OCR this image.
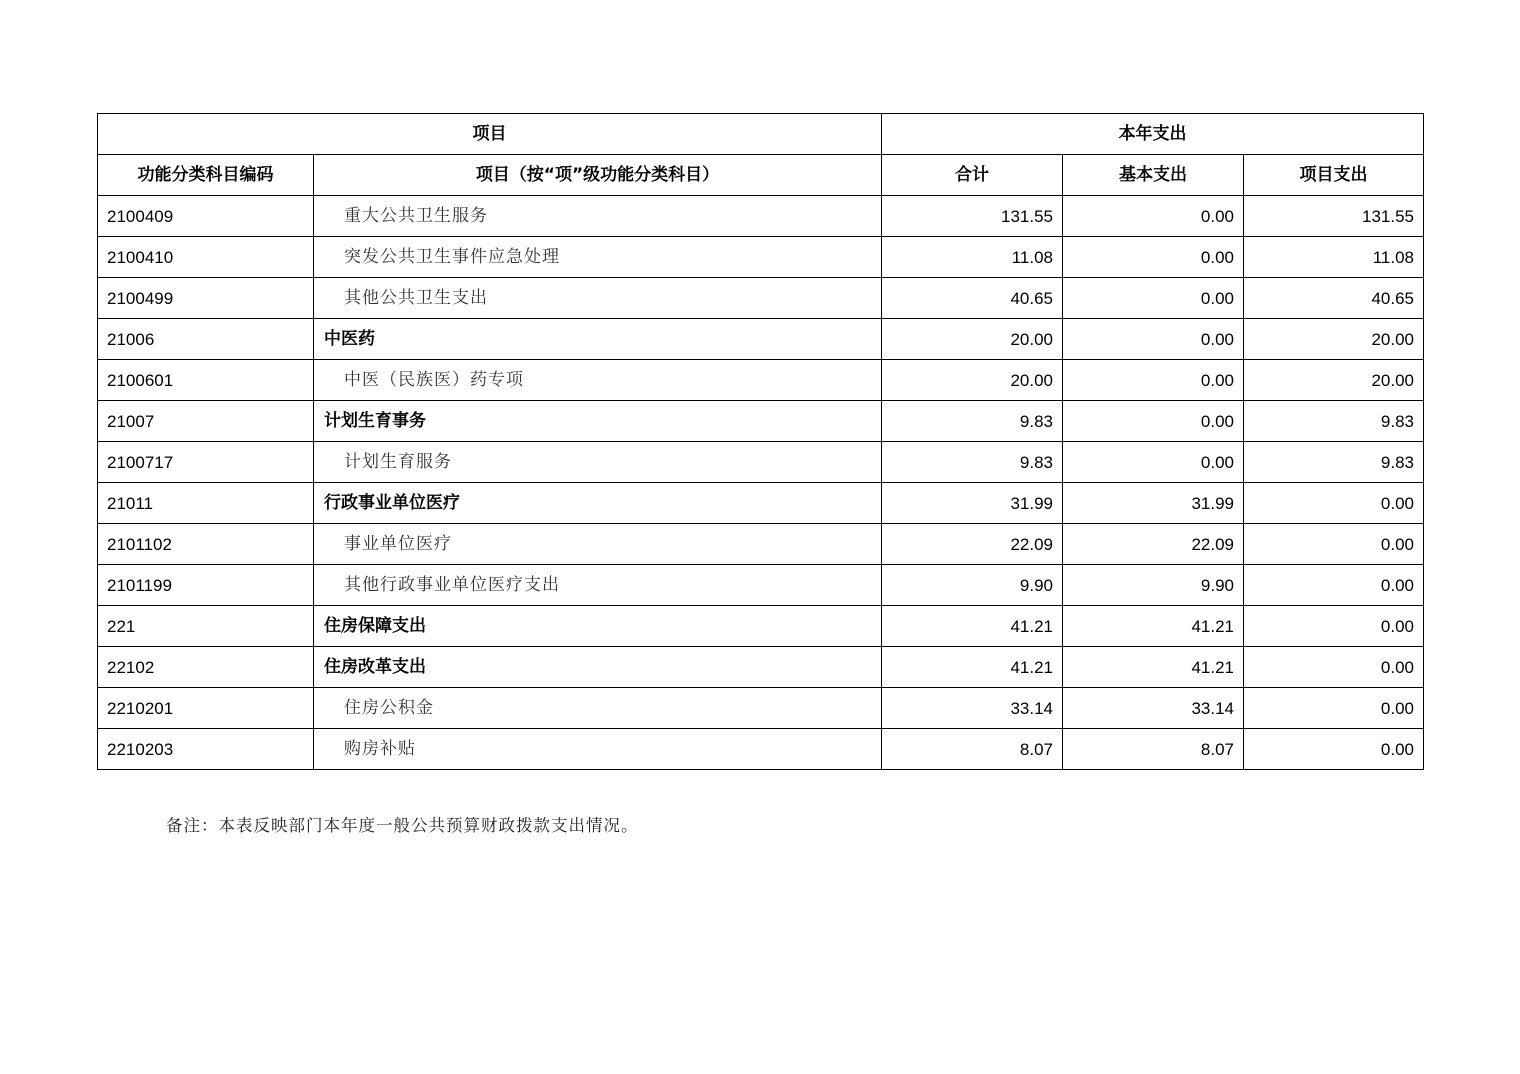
项目		本年支出		
功能分类科目编码	项目（按“项”级功能分类科目）	合计	基本支出	项目支出
2100409	重大公共卫生服务	131.55	0.00	131.55
2100410	突发公共卫生事件应急处理	11.08	0.00	11.08
2100499	其他公共卫生支出	40.65	0.00	40.65
21006	中医药	20.00	0.00	20.00
2100601	中医（民族医）药专项	20.00	0.00	20.00
21007	计划生育事务	9.83	0.00	9.83
2100717	计划生育服务	9.83	0.00	9.83
21011	行政事业单位医疗	31.99	31.99	0.00
2101102	事业单位医疗	22.09	22.09	0.00
2101199	其他行政事业单位医疗支出	9.90	9.90	0.00
221	住房保障支出	41.21	41.21	0.00
22102	住房改革支出	41.21	41.21	0.00
2210201	住房公积金	33.14	33.14	0.00
2210203	购房补贴	8.07	8.07	0.00
备注：本表反映部门本年度一般公共预算财政拨款支出情况。
